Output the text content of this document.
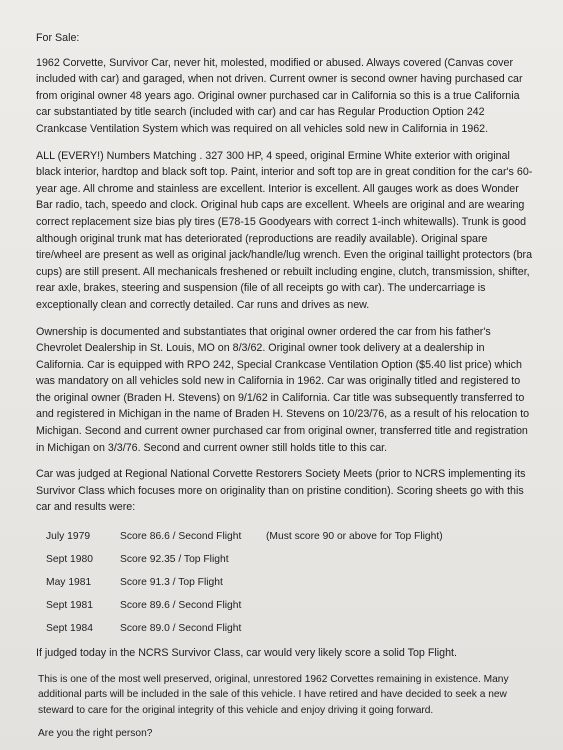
For Sale:

1962 Corvette, Survivor Car, never hit, molested, modified or abused. Always covered (Canvas cover included with car) and garaged, when not driven. Current owner is second owner having purchased car from original owner 48 years ago. Original owner purchased car in California so this is a true California car substantiated by title search (included with car) and car has Regular Production Option 242 Crankcase Ventilation System which was required on all vehicles sold new in California in 1962.

ALL (EVERY!) Numbers Matching . 327 300 HP, 4 speed, original Ermine White exterior with original black interior, hardtop and black soft top. Paint, interior and soft top are in great condition for the car's 60-year age. All chrome and stainless are excellent. Interior is excellent. All gauges work as does Wonder Bar radio, tach, speedo and clock. Original hub caps are excellent. Wheels are original and are wearing correct replacement size bias ply tires (E78-15 Goodyears with correct 1-inch whitewalls). Trunk is good although original trunk mat has deteriorated (reproductions are readily available). Original spare tire/wheel are present as well as original jack/handle/lug wrench. Even the original taillight protectors (bra cups) are still present. All mechanicals freshened or rebuilt including engine, clutch, transmission, shifter, rear axle, brakes, steering and suspension (file of all receipts go with car). The undercarriage is exceptionally clean and correctly detailed. Car runs and drives as new.

Ownership is documented and substantiates that original owner ordered the car from his father's Chevrolet Dealership in St. Louis, MO on 8/3/62. Original owner took delivery at a dealership in California. Car is equipped with RPO 242, Special Crankcase Ventilation Option ($5.40 list price) which was mandatory on all vehicles sold new in California in 1962. Car was originally titled and registered to the original owner (Braden H. Stevens) on 9/1/62 in California. Car title was subsequently transferred to and registered in Michigan in the name of Braden H. Stevens on 10/23/76, as a result of his relocation to Michigan. Second and current owner purchased car from original owner, transferred title and registration in Michigan on 3/3/76. Second and current owner still holds title to this car.

Car was judged at Regional National Corvette Restorers Society Meets (prior to NCRS implementing its Survivor Class which focuses more on originality than on pristine condition). Scoring sheets go with this car and results were:

July 1979	Score 86.6 / Second Flight	(Must score 90 or above for Top Flight)
Sept 1980	Score 92.35 / Top Flight
May 1981	Score 91.3 / Top Flight
Sept 1981	Score 89.6 / Second Flight
Sept 1984	Score 89.0 / Second Flight

If judged today in the NCRS Survivor Class, car would very likely score a solid Top Flight.

This is one of the most well preserved, original, unrestored 1962 Corvettes remaining in existence. Many additional parts will be included in the sale of this vehicle. I have retired and have decided to seek a new steward to care for the original integrity of this vehicle and enjoy driving it going forward.

Are you the right person?
